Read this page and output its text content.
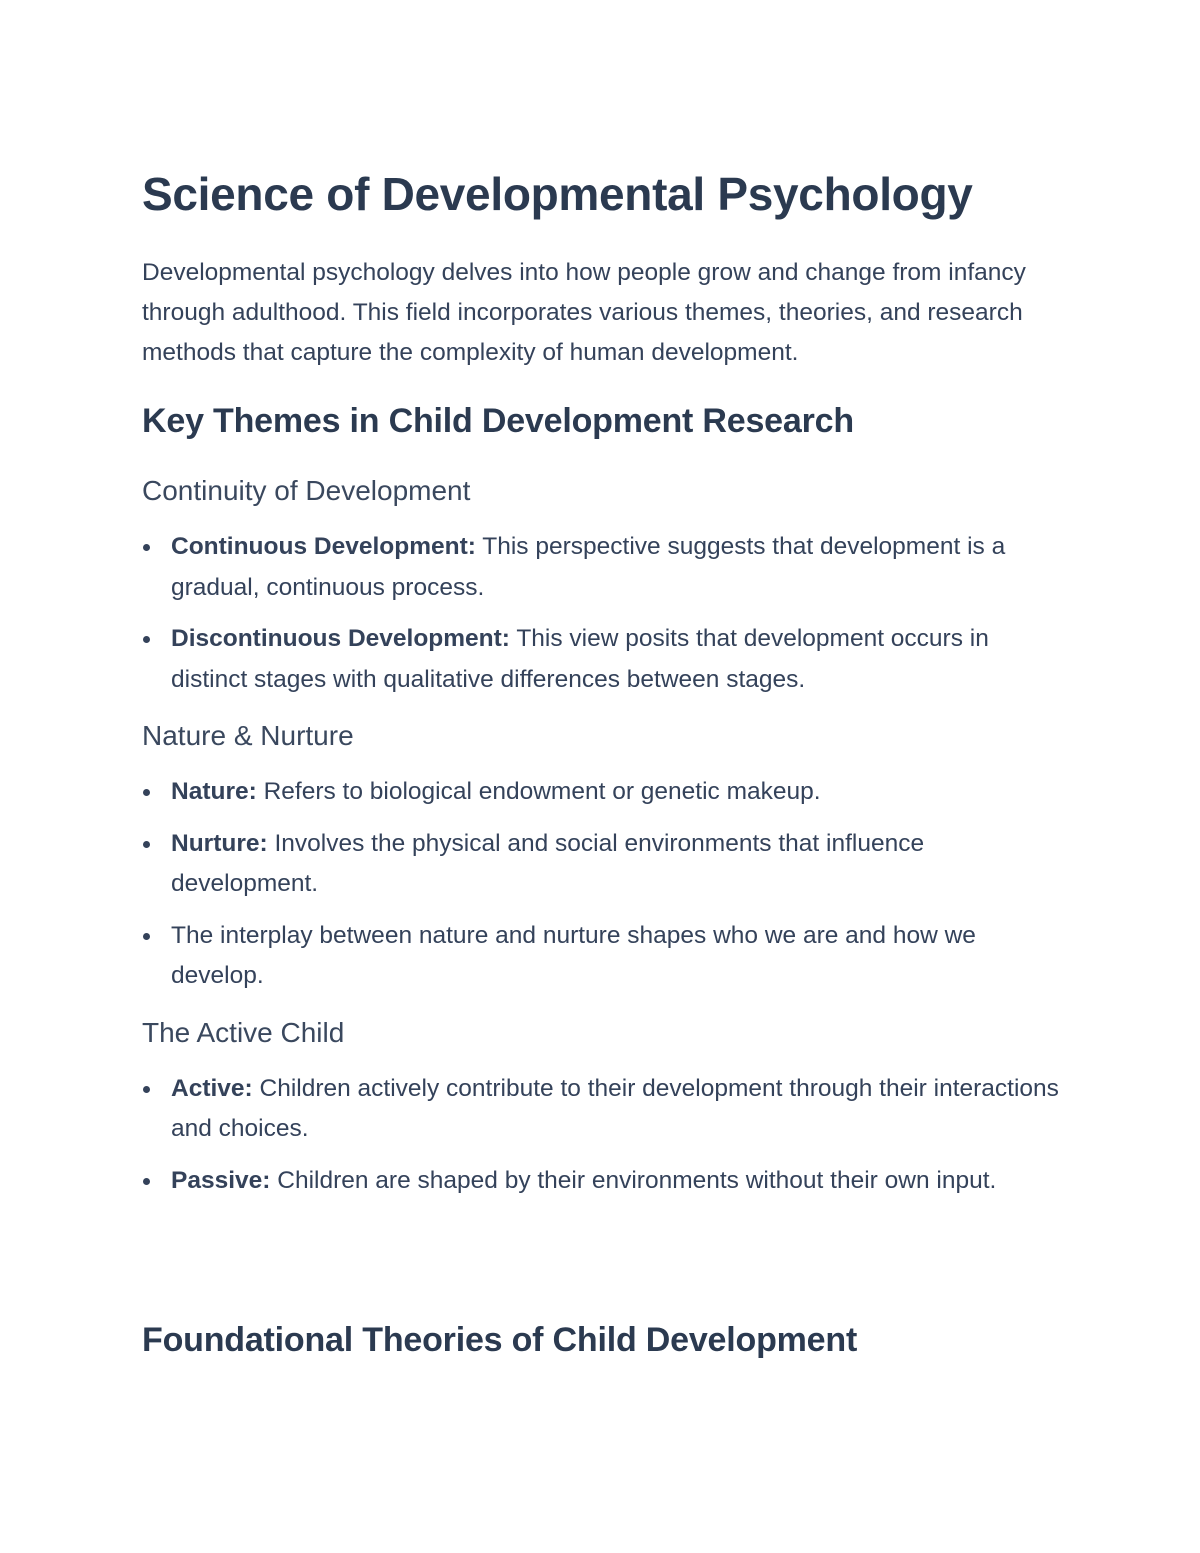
Science of Developmental Psychology

Developmental psychology delves into how people grow and change from infancy through adulthood. This field incorporates various themes, theories, and research methods that capture the complexity of human development.

Key Themes in Child Development Research
Continuity of Development
Continuous Development: This perspective suggests that development is a gradual, continuous process.
Discontinuous Development: This view posits that development occurs in distinct stages with qualitative differences between stages.
Nature & Nurture
Nature: Refers to biological endowment or genetic makeup.
Nurture: Involves the physical and social environments that influence development.
The interplay between nature and nurture shapes who we are and how we develop.
The Active Child
Active: Children actively contribute to their development through their interactions and choices.
Passive: Children are shaped by their environments without their own input.
Foundational Theories of Child Development
